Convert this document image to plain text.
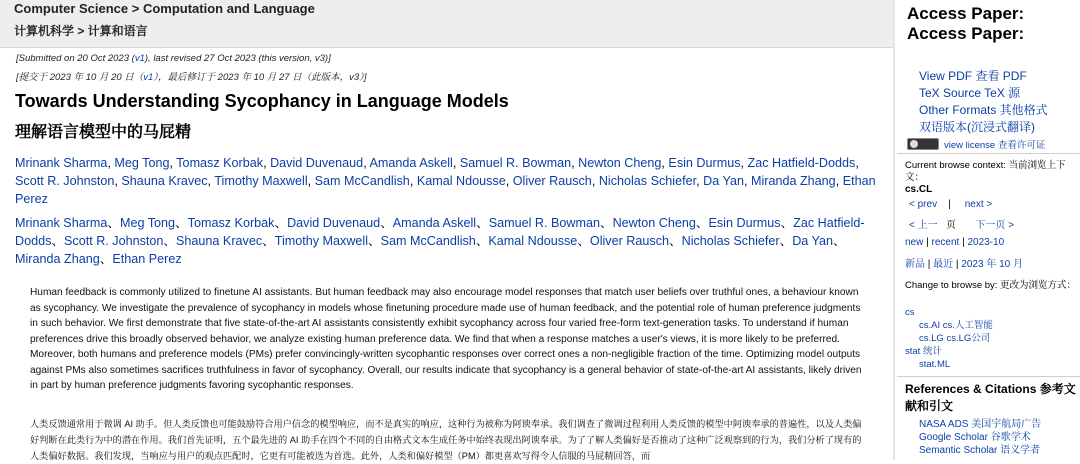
Computer Science > Computation and Language
计算机科学 > 计算和语言
[Submitted on 20 Oct 2023 (v1), last revised 27 Oct 2023 (this version, v3)]
[提交于 2023 年 10 月 20 日（v1），最后修订于 2023 年 10 月 27 日（此版本，v3）]
Towards Understanding Sycophancy in Language Models
理解语言模型中的马屁精
Mrinank Sharma, Meg Tong, Tomasz Korbak, David Duvenaud, Amanda Askell, Samuel R. Bowman, Newton Cheng, Esin Durmus, Zac Hatfield-Dodds, Scott R. Johnston, Shauna Kravec, Timothy Maxwell, Sam McCandlish, Kamal Ndousse, Oliver Rausch, Nicholas Schiefer, Da Yan, Miranda Zhang, Ethan Perez
Mrinank Sharma、Meg Tong、Tomasz Korbak、David Duvenaud、Amanda Askell、Samuel R. Bowman、Newton Cheng、Esin Durmus、Zac Hatfield-Dodds、Scott R. Johnston、Shauna Kravec、Timothy Maxwell、Sam McCandlish、Kamal Ndousse、Oliver Rausch、Nicholas Schiefer、Da Yan、Miranda Zhang、Ethan Perez

Human feedback is commonly utilized to finetune AI assistants. But human feedback may also encourage model responses that match user beliefs over truthful ones, a behaviour known as sycophancy. We investigate the prevalence of sycophancy in models whose finetuning procedure made use of human feedback, and the potential role of human preference judgments in such behavior. We first demonstrate that five state-of-the-art AI assistants consistently exhibit sycophancy across four varied free-form text-generation tasks. To understand if human preferences drive this broadly observed behavior, we analyze existing human preference data. We find that when a response matches a user's views, it is more likely to be preferred. Moreover, both humans and preference models (PMs) prefer convincingly-written sycophantic responses over correct ones a non-negligible fraction of the time. Optimizing model outputs against PMs also sometimes sacrifices truthfulness in favor of sycophancy. Overall, our results indicate that sycophancy is a general behavior of state-of-the-art AI assistants, likely driven in part by human preference judgments favoring sycophantic responses.

人类反馈通常用于微调 AI 助手。但人类反馈也可能鼓励符合用户信念的模型响应，而不是真实的响应，这种行为被称为阿谀奉承。我们调查了微调过程利用人类反馈的模型中阿谀奉承的普遍性，以及人类偏好判断在此类行为中的潜在作用。我们首先证明，五个最先进的 AI 助手在四个不同的自由格式文本生成任务中始终表现出阿谀奉承。为了了解人类偏好是否推动了这种广泛观察到的行为，我们分析了现有的人类偏好数据。我们发现，当响应与用户的观点匹配时，它更有可能被选为首选。此外，人类和偏好模型（PM）都更喜欢写得令人信服的马屁精回答，而

Access Paper: Access Paper:
View PDF 查看 PDF
TeX Source TeX 源
Other Formats 其他格式
双语版本(沉浸式翻译)
view license 查看许可证
Current browse context: 当前浏览上下文：
cs.CL
< prev | next >
< 上一 页 下一页 >
new | recent | 2023-10
新品 | 最近 | 2023 年 10 月
Change to browse by: 更改为浏览方式：
cs
cs.AI cs.人工智能
cs.LG cs.LG公司
stat 统计
stat.ML
References & Citations 参考文献和引文
NASA ADS 美国宇航局广告
Google Scholar 谷歌学术
Semantic Scholar 语义学者
